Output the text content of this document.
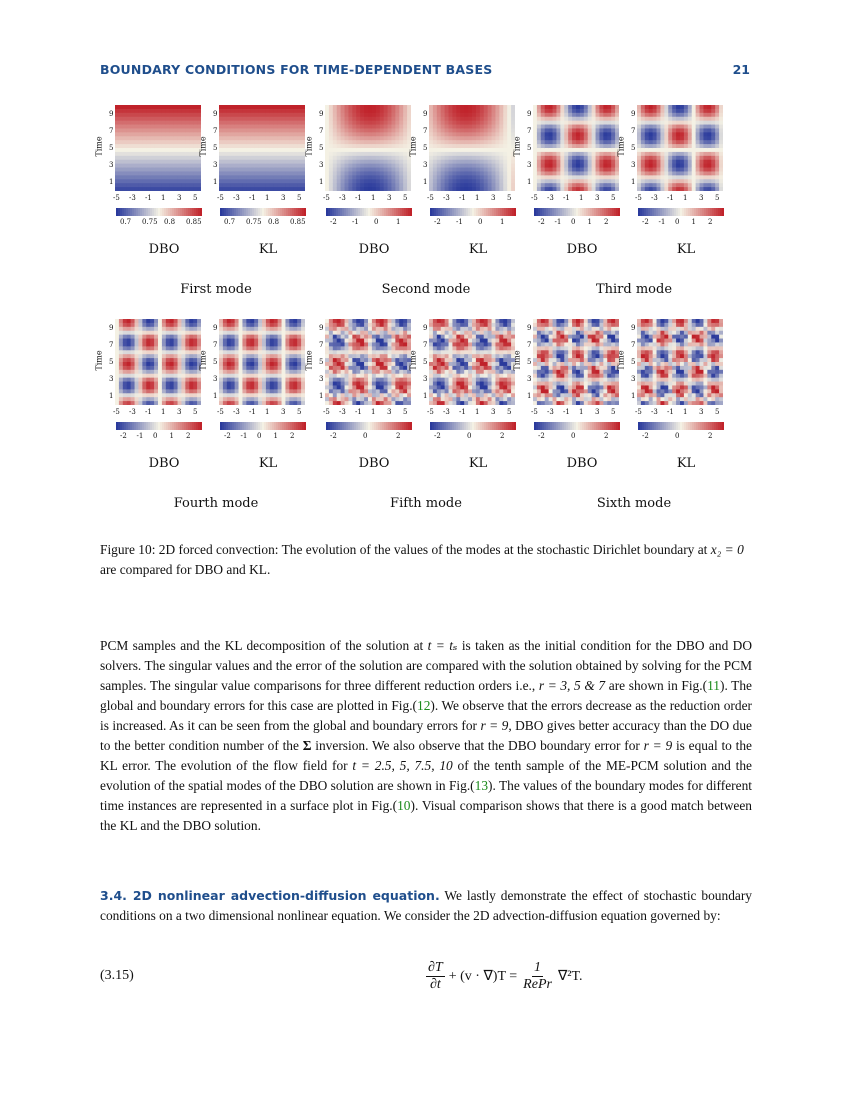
BOUNDARY CONDITIONS FOR TIME-DEPENDENT BASES	21
Time
9
7
5
3
1
-5 -3 -1 1 3 5
0.7 0.75 0.8 0.85
DBO
Time
9
7
5
3
1
-5 -3 -1 1 3 5
0.7 0.75 0.8 0.85
KL
First mode
Time
9
7
5
3
1
-5 -3 -1 1 3 5
-2 -1 0	1
DBO
Time
9
7
5
3
1
-5 -3 -1 1 3 5
-2 -1 0	1
KL
Second mode
Time
9
7
5
3
1
-5 -3 -1 1 3 5
-2 -1 0 1 2
DBO
Time
9
7
5
3
1
-5 -3 -1 1 3 5
-2 -1 0 1 2
KL
Third mode
Time
9
7
5
3
1
-5 -3 -1 1 3 5
-2 -1 0 1 2
DBO
Time
9
7
5
3
1
-5 -3 -1 1 3 5
-2 -1 0 1 2
KL
Fourth mode
Time
9
7
5
3
1
-5 -3 -1 1 3 5
-2	0	2
DBO
Time
9
7
5
3
1
-5 -3 -1 1 3 5
-2	0	2
KL
Fifth mode
Time
9
7
5
3
1
-5 -3 -1 1 3 5
-2	0	2
DBO
Time
9
7
5
3
1
-5 -3 -1 1 3 5
-2	0	2
KL
Sixth mode
Figure 10: 2D forced convection: The evolution of the values of the modes at the stochastic Dirichlet boundary at x₂ = 0 are compared for DBO and KL.
PCM samples and the KL decomposition of the solution at t = tₛ is taken as the initial condition for the DBO and DO solvers. The singular values and the error of the solution are compared with the solution obtained by solving for the PCM samples. The singular value comparisons for three different reduction orders i.e., r = 3, 5 & 7 are shown in Fig.(11). The global and boundary errors for this case are plotted in Fig.(12). We observe that the errors decrease as the reduction order is increased. As it can be seen from the global and boundary errors for r = 9, DBO gives better accuracy than the DO due to the better condition number of the Σ inversion. We also observe that the DBO boundary error for r = 9 is equal to the KL error. The evolution of the flow field for t = 2.5, 5, 7.5, 10 of the tenth sample of the ME-PCM solution and the evolution of the spatial modes of the DBO solution are shown in Fig.(13). The values of the boundary modes for different time instances are represented in a surface plot in Fig.(10). Visual comparison shows that there is a good match between the KL and the DBO solution.
3.4. 2D nonlinear advection-diffusion equation. We lastly demonstrate the effect of stochastic boundary conditions on a two dimensional nonlinear equation. We consider the 2D advection-diffusion equation governed by:
(3.15)	$\frac{\partial T}{\partial t} + (v \cdot \nabla)T = \frac{1}{\text{RePr}} \nabla^2T$.
